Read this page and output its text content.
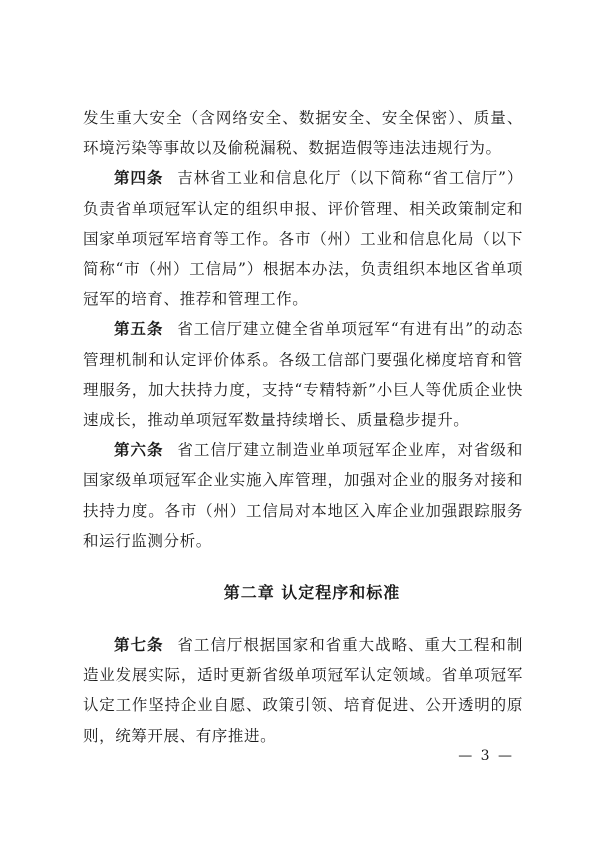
发生重大安全（含网络安全、数据安全、安全保密）、质量、环境污染等事故以及偷税漏税、数据造假等违法违规行为。

第四条 吉林省工业和信息化厅（以下简称“省工信厅”）负责省单项冠军认定的组织申报、评价管理、相关政策制定和国家单项冠军培育等工作。各市（州）工业和信息化局（以下简称“市（州）工信局”）根据本办法，负责组织本地区省单项冠军的培育、推荐和管理工作。

第五条 省工信厅建立健全省单项冠军“有进有出”的动态管理机制和认定评价体系。各级工信部门要强化梯度培育和管理服务，加大扶持力度，支持“专精特新”小巨人等优质企业快速成长，推动单项冠军数量持续增长、质量稳步提升。

第六条 省工信厅建立制造业单项冠军企业库，对省级和国家级单项冠军企业实施入库管理，加强对企业的服务对接和扶持力度。各市（州）工信局对本地区入库企业加强跟踪服务和运行监测分析。

第二章 认定程序和标准

第七条 省工信厅根据国家和省重大战略、重大工程和制造业发展实际，适时更新省级单项冠军认定领域。省单项冠军认定工作坚持企业自愿、政策引领、培育促进、公开透明的原则，统筹开展、有序推进。

— 3 —
